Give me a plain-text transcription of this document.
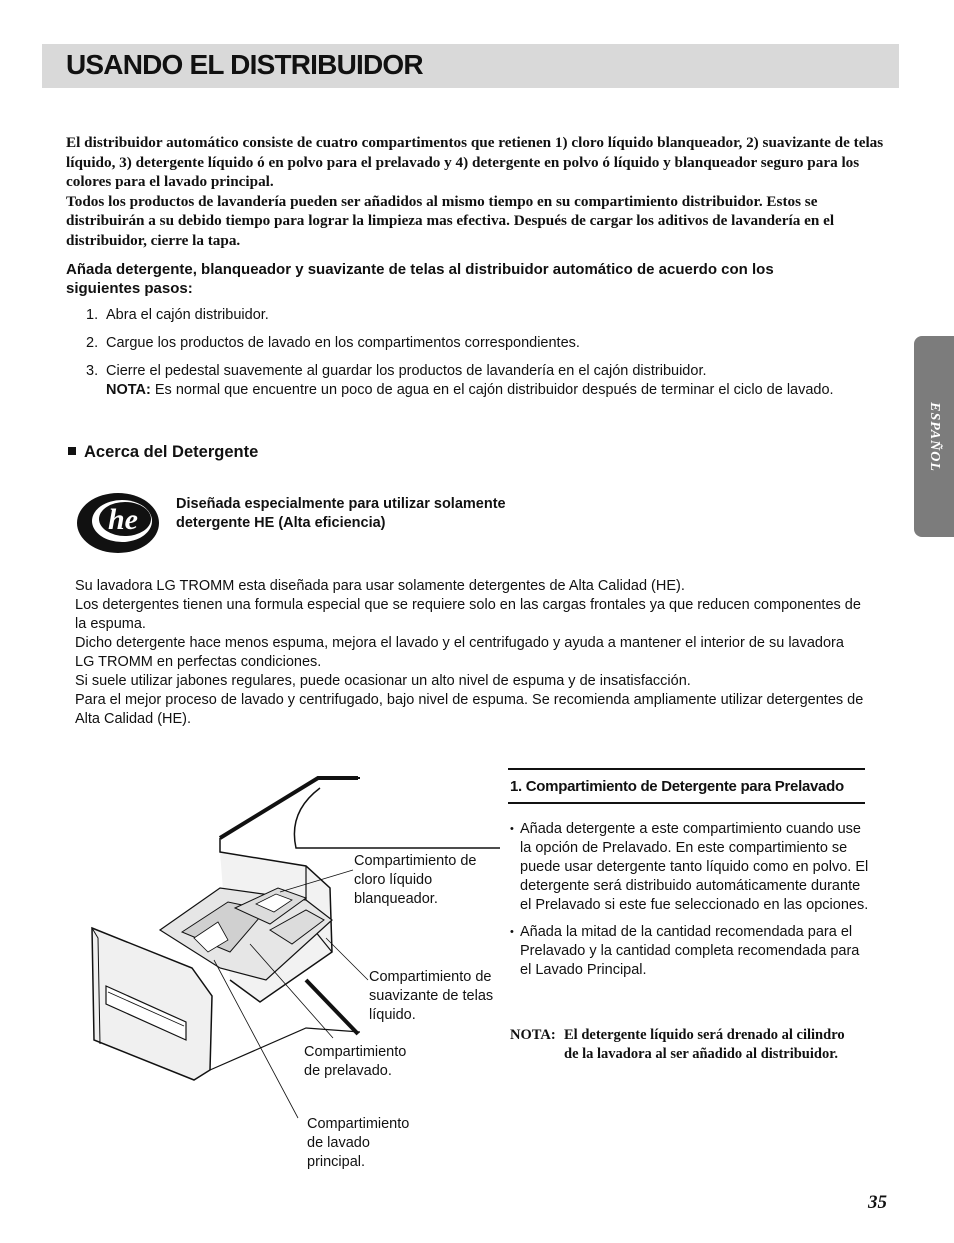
USANDO EL DISTRIBUIDOR

El distribuidor automático consiste de cuatro compartimentos que retienen 1) cloro líquido blanqueador, 2) suavizante de telas líquido, 3) detergente líquido ó en polvo para el prelavado y 4) detergente en polvo ó líquido y blanqueador seguro para los colores para el lavado principal.

Todos los productos de lavandería pueden ser añadidos al mismo tiempo en su compartimiento distribuidor. Estos se distribuirán a su debido tiempo para lograr la limpieza mas efectiva. Después de cargar los aditivos de lavandería en el distribuidor, cierre la tapa.

Añada detergente, blanqueador y suavizante de telas al distribuidor automático de acuerdo con los siguientes pasos:
1. Abra el cajón distribuidor.
2. Cargue los productos de lavado en los compartimentos correspondientes.
3. Cierre el pedestal suavemente al guardar los productos de lavandería en el cajón distribuidor.
NOTA: Es normal que encuentre un poco de agua en el cajón distribuidor después de terminar el ciclo de lavado.
Acerca del Detergente
he	Diseñada especialmente para utilizar solamente detergente HE (Alta eficiencia)

Su lavadora LG TROMM esta diseñada para usar solamente detergentes de Alta Calidad (HE).

Los detergentes tienen una formula especial que se requiere solo en las cargas frontales ya que reducen componentes de la espuma.

Dicho detergente hace menos espuma, mejora el lavado y el centrifugado y ayuda a mantener el interior de su lavadora LG TROMM en perfectas condiciones.

Si suele utilizar jabones regulares, puede ocasionar un alto nivel de espuma y de insatisfacción.

Para el mejor proceso de lavado y centrifugado, bajo nivel de espuma. Se recomienda ampliamente utilizar detergentes de Alta Calidad (HE).

ESPAÑOL
Compartimiento de cloro líquido blanqueador.
Compartimiento de suavizante de telas líquido.
Compartimiento de prelavado.
Compartimiento de lavado principal.
1. Compartimiento de Detergente para Prelavado
• Añada detergente a este compartimiento cuando use la opción de Prelavado. En este compartimiento se puede usar detergente tanto líquido como en polvo. El detergente será distribuido automáticamente durante el Prelavado si este fue seleccionado en las opciones.
• Añada la mitad de la cantidad recomendada para el Prelavado y la cantidad completa recomendada para el Lavado Principal.
NOTA: El detergente líquido será drenado al cilindro de la lavadora al ser añadido al distribuidor.
35
